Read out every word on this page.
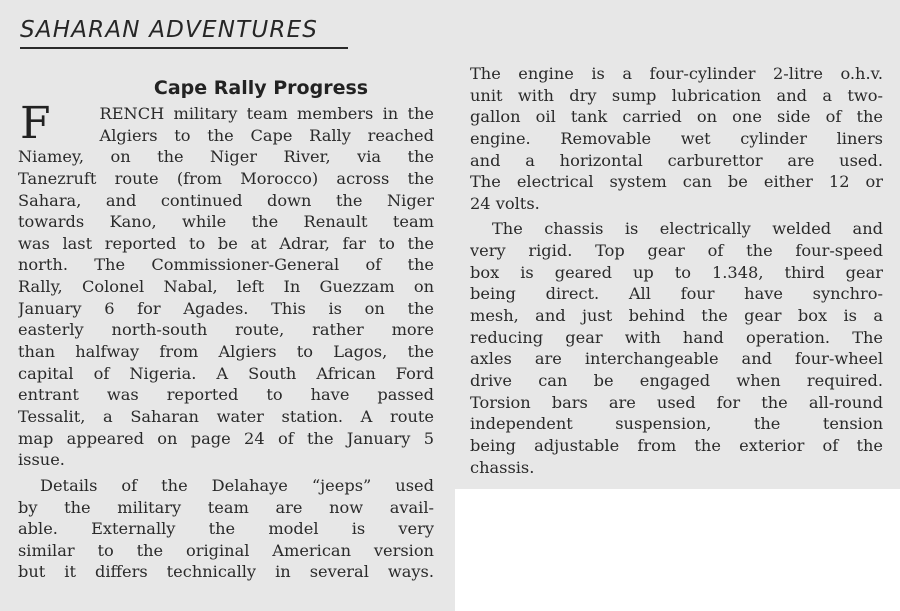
SAHARAN ADVENTURES
Cape Rally Progress
F	RENCH military team members in the
Algiers to the Cape Rally reached
Niamey, on the Niger River, via the
Tanezruft route (from Morocco) across the
Sahara, and continued down the Niger
towards Kano, while the Renault team
was last reported to be at Adrar, far to the
north. The Commissioner-General of the
Rally, Colonel Nabal, left In Guezzam on
January 6 for Agades. This is on the
easterly north-south route, rather more
than halfway from Algiers to Lagos, the
capital of Nigeria. A South African Ford
entrant was reported to have passed
Tessalit, a Saharan water station. A route
map appeared on page 24 of the January 5
issue.
Details of the Delahaye “jeeps” used
by the military team are now avail-
able. Externally the model is very
similar to the original American version
but it differs technically in several ways.
The engine is a four-cylinder 2-litre o.h.v.
unit with dry sump lubrication and a two-
gallon oil tank carried on one side of the
engine. Removable wet cylinder liners
and a horizontal carburettor are used.
The electrical system can be either 12 or
24 volts.
The chassis is electrically welded and
very rigid. Top gear of the four-speed
box is geared up to 1.348, third gear
being direct. All four have synchro-
mesh, and just behind the gear box is a
reducing gear with hand operation. The
axles are interchangeable and four-wheel
drive can be engaged when required.
Torsion bars are used for the all-round
independent suspension, the tension
being adjustable from the exterior of the
chassis.
